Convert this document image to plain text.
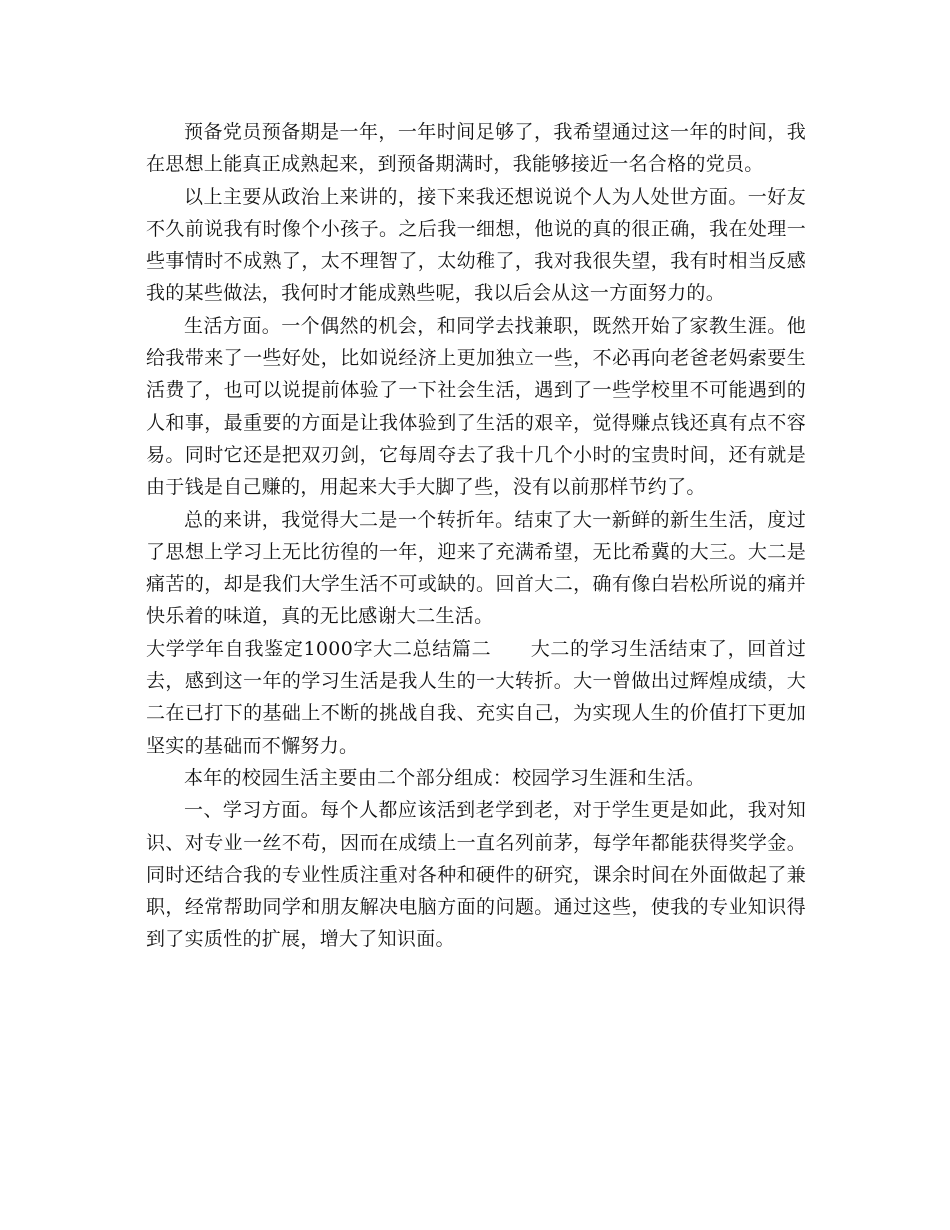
预备党员预备期是一年，一年时间足够了，我希望通过这一年的时间，我在思想上能真正成熟起来，到预备期满时，我能够接近一名合格的党员。

以上主要从政治上来讲的，接下来我还想说说个人为人处世方面。一好友不久前说我有时像个小孩子。之后我一细想，他说的真的很正确，我在处理一些事情时不成熟了，太不理智了，太幼稚了，我对我很失望，我有时相当反感我的某些做法，我何时才能成熟些呢，我以后会从这一方面努力的。

生活方面。一个偶然的机会，和同学去找兼职，既然开始了家教生涯。他给我带来了一些好处，比如说经济上更加独立一些，不必再向老爸老妈索要生活费了，也可以说提前体验了一下社会生活，遇到了一些学校里不可能遇到的人和事，最重要的方面是让我体验到了生活的艰辛，觉得赚点钱还真有点不容易。同时它还是把双刃剑，它每周夺去了我十几个小时的宝贵时间，还有就是由于钱是自己赚的，用起来大手大脚了些，没有以前那样节约了。

总的来讲，我觉得大二是一个转折年。结束了大一新鲜的新生生活，度过了思想上学习上无比彷徨的一年，迎来了充满希望，无比希冀的大三。大二是痛苦的，却是我们大学生活不可或缺的。回首大二，确有像白岩松所说的痛并快乐着的味道，真的无比感谢大二生活。

大学学年自我鉴定1000字大二总结篇二　　 大二的学习生活结束了，回首过去，感到这一年的学习生活是我人生的一大转折。大一曾做出过辉煌成绩，大二在已打下的基础上不断的挑战自我、充实自己，为实现人生的价值打下更加坚实的基础而不懈努力。

本年的校园生活主要由二个部分组成：校园学习生涯和生活。

一、学习方面。每个人都应该活到老学到老，对于学生更是如此，我对知识、对专业一丝不苟，因而在成绩上一直名列前茅，每学年都能获得奖学金。同时还结合我的专业性质注重对各种和硬件的研究，课余时间在外面做起了兼职，经常帮助同学和朋友解决电脑方面的问题。通过这些，使我的专业知识得到了实质性的扩展，增大了知识面。
